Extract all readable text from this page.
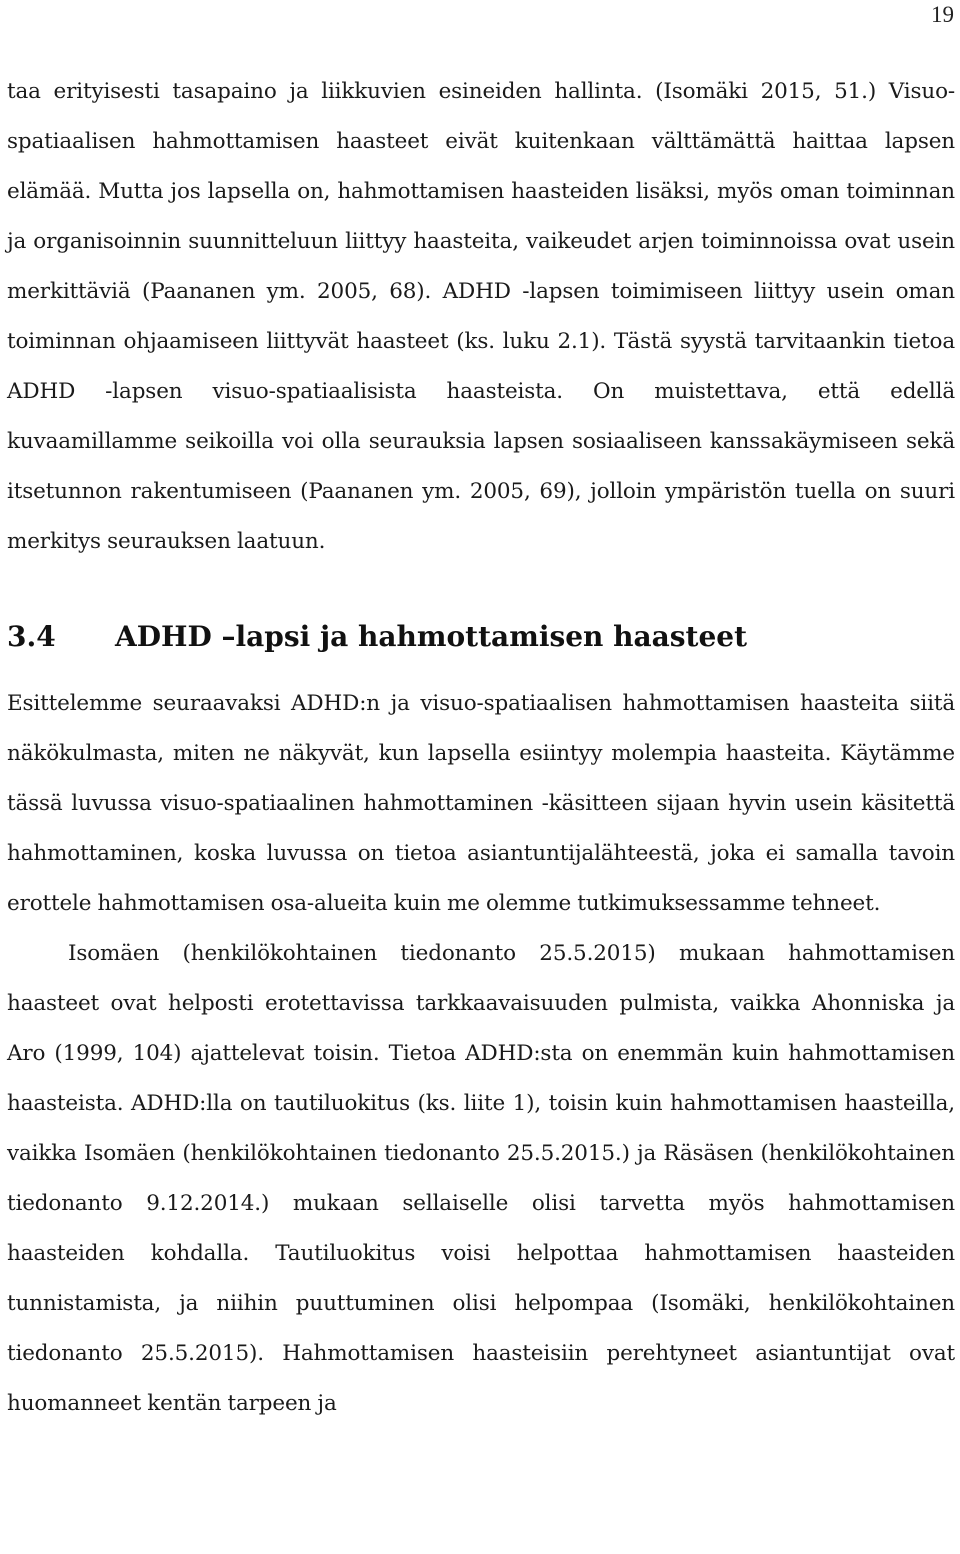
19

taa erityisesti tasapaino ja liikkuvien esineiden hallinta. (Isomäki 2015, 51.) Visuo-spatiaalisen hahmottamisen haasteet eivät kuitenkaan välttämättä haittaa lapsen elämää. Mutta jos lapsella on, hahmottamisen haasteiden lisäksi, myös oman toiminnan ja organisoinnin suunnitteluun liittyy haasteita, vaikeudet arjen toiminnoissa ovat usein merkittäviä (Paananen ym. 2005, 68). ADHD -lapsen toimimiseen liittyy usein oman toiminnan ohjaamiseen liittyvät haasteet (ks. luku 2.1). Tästä syystä tarvitaankin tietoa ADHD -lapsen visuo-spatiaalisista haasteista. On muistettava, että edellä kuvaamillamme seikoilla voi olla seurauksia lapsen sosiaaliseen kanssakäymiseen sekä itsetunnon rakentumiseen (Paananen ym. 2005, 69), jolloin ympäristön tuella on suuri merkitys seurauksen laatuun.

3.4	ADHD –lapsi ja hahmottamisen haasteet

Esittelemme seuraavaksi ADHD:n ja visuo-spatiaalisen hahmottamisen haasteita siitä näkökulmasta, miten ne näkyvät, kun lapsella esiintyy molempia haasteita. Käytämme tässä luvussa visuo-spatiaalinen hahmottaminen -käsitteen sijaan hyvin usein käsitettä hahmottaminen, koska luvussa on tietoa asiantuntijalähteestä, joka ei samalla tavoin erottele hahmottamisen osa-alueita kuin me olemme tutkimuksessamme tehneet.

Isomäen (henkilökohtainen tiedonanto 25.5.2015) mukaan hahmottamisen haasteet ovat helposti erotettavissa tarkkaavaisuuden pulmista, vaikka Ahonniska ja Aro (1999, 104) ajattelevat toisin. Tietoa ADHD:sta on enemmän kuin hahmottamisen haasteista. ADHD:lla on tautiluokitus (ks. liite 1), toisin kuin hahmottamisen haasteilla, vaikka Isomäen (henkilökohtainen tiedonanto 25.5.2015.) ja Räsäsen (henkilökohtainen tiedonanto 9.12.2014.) mukaan sellaiselle olisi tarvetta myös hahmottamisen haasteiden kohdalla. Tautiluokitus voisi helpottaa hahmottamisen haasteiden tunnistamista, ja niihin puuttuminen olisi helpompaa (Isomäki, henkilökohtainen tiedonanto 25.5.2015). Hahmottamisen haasteisiin perehtyneet asiantuntijat ovat huomanneet kentän tarpeen ja
